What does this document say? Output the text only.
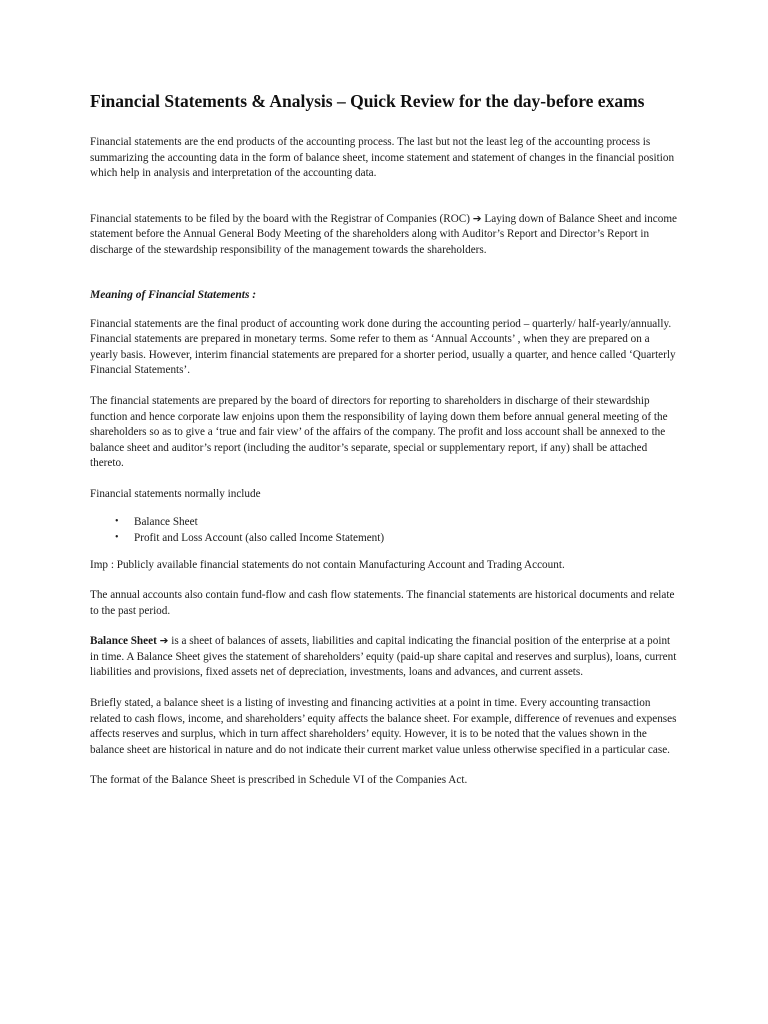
Financial Statements & Analysis – Quick Review for the day-before exams

Financial statements are the end products of the accounting process. The last but not the least leg of the accounting process is summarizing the accounting data in the form of balance sheet, income statement and statement of changes in the financial position which help in analysis and interpretation of the accounting data.

Financial statements to be filed by the board with the Registrar of Companies (ROC) ➔ Laying down of Balance Sheet and income statement before the Annual General Body Meeting of the shareholders along with Auditor’s Report and Director’s Report in discharge of the stewardship responsibility of the management towards the shareholders.

Meaning of Financial Statements :

Financial statements are the final product of accounting work done during the accounting period – quarterly/ half-yearly/annually. Financial statements are prepared in monetary terms. Some refer to them as ‘Annual Accounts’ , when they are prepared on a yearly basis. However, interim financial statements are prepared for a shorter period, usually a quarter, and hence called ‘Quarterly Financial Statements’.

The financial statements are prepared by the board of directors for reporting to shareholders in discharge of their stewardship function and hence corporate law enjoins upon them the responsibility of laying down them before annual general meeting of the shareholders so as to give a ‘true and fair view’ of the affairs of the company. The profit and loss account shall be annexed to the balance sheet and auditor’s report (including the auditor’s separate, special or supplementary report, if any) shall be attached thereto.

Financial statements normally include

• Balance Sheet
• Profit and Loss Account (also called Income Statement)

Imp : Publicly available financial statements do not contain Manufacturing Account and Trading Account.

The annual accounts also contain fund-flow and cash flow statements. The financial statements are historical documents and relate to the past period.

Balance Sheet ➔ is a sheet of balances of assets, liabilities and capital indicating the financial position of the enterprise at a point in time. A Balance Sheet gives the statement of shareholders’ equity (paid-up share capital and reserves and surplus), loans, current liabilities and provisions, fixed assets net of depreciation, investments, loans and advances, and current assets.

Briefly stated, a balance sheet is a listing of investing and financing activities at a point in time. Every accounting transaction related to cash flows, income, and shareholders’ equity affects the balance sheet. For example, difference of revenues and expenses affects reserves and surplus, which in turn affect shareholders’ equity. However, it is to be noted that the values shown in the balance sheet are historical in nature and do not indicate their current market value unless otherwise specified in a particular case.

The format of the Balance Sheet is prescribed in Schedule VI of the Companies Act.
